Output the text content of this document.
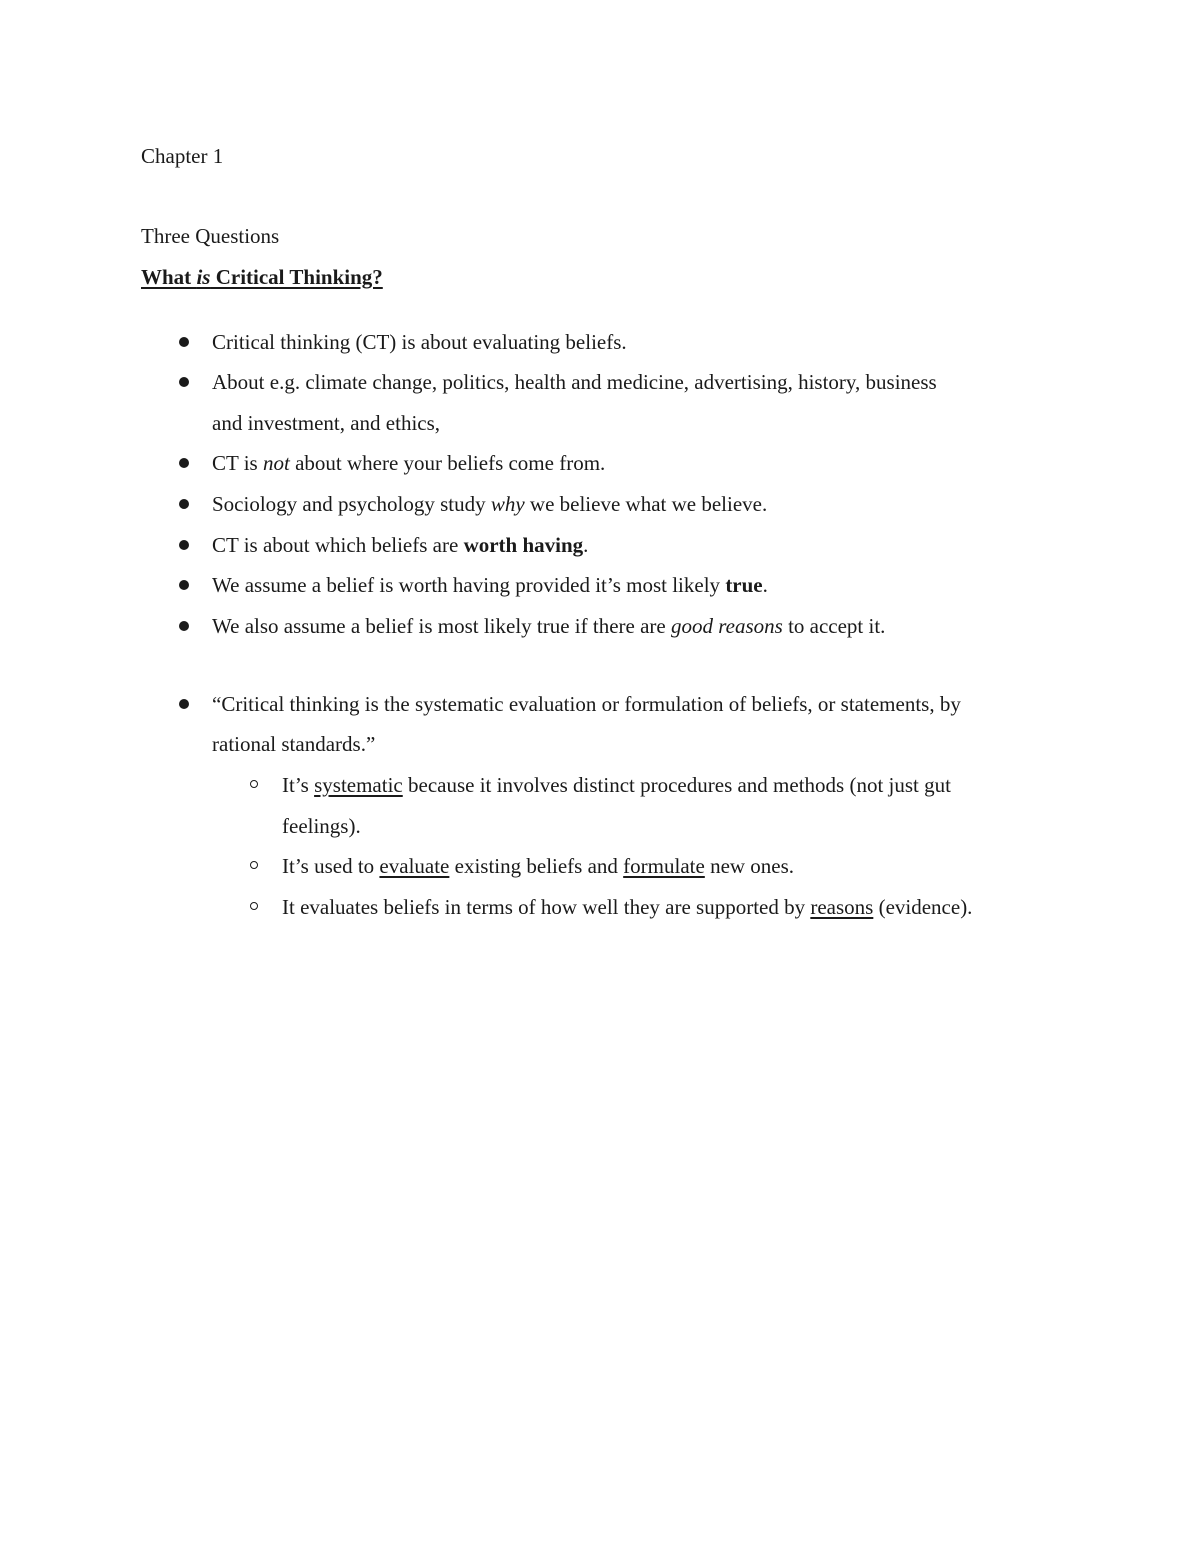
Chapter 1
Three Questions
What is Critical Thinking?
Critical thinking (CT) is about evaluating beliefs.
About e.g. climate change, politics, health and medicine, advertising, history, business
and investment, and ethics,
CT is not about where your beliefs come from.
Sociology and psychology study why we believe what we believe.
CT is about which beliefs are worth having.
We assume a belief is worth having provided it’s most likely true.
We also assume a belief is most likely true if there are good reasons to accept it.
“Critical thinking is the systematic evaluation or formulation of beliefs, or statements, by
rational standards.”
It’s systematic because it involves distinct procedures and methods (not just gut
feelings).
It’s used to evaluate existing beliefs and formulate new ones.
It evaluates beliefs in terms of how well they are supported by reasons (evidence).
